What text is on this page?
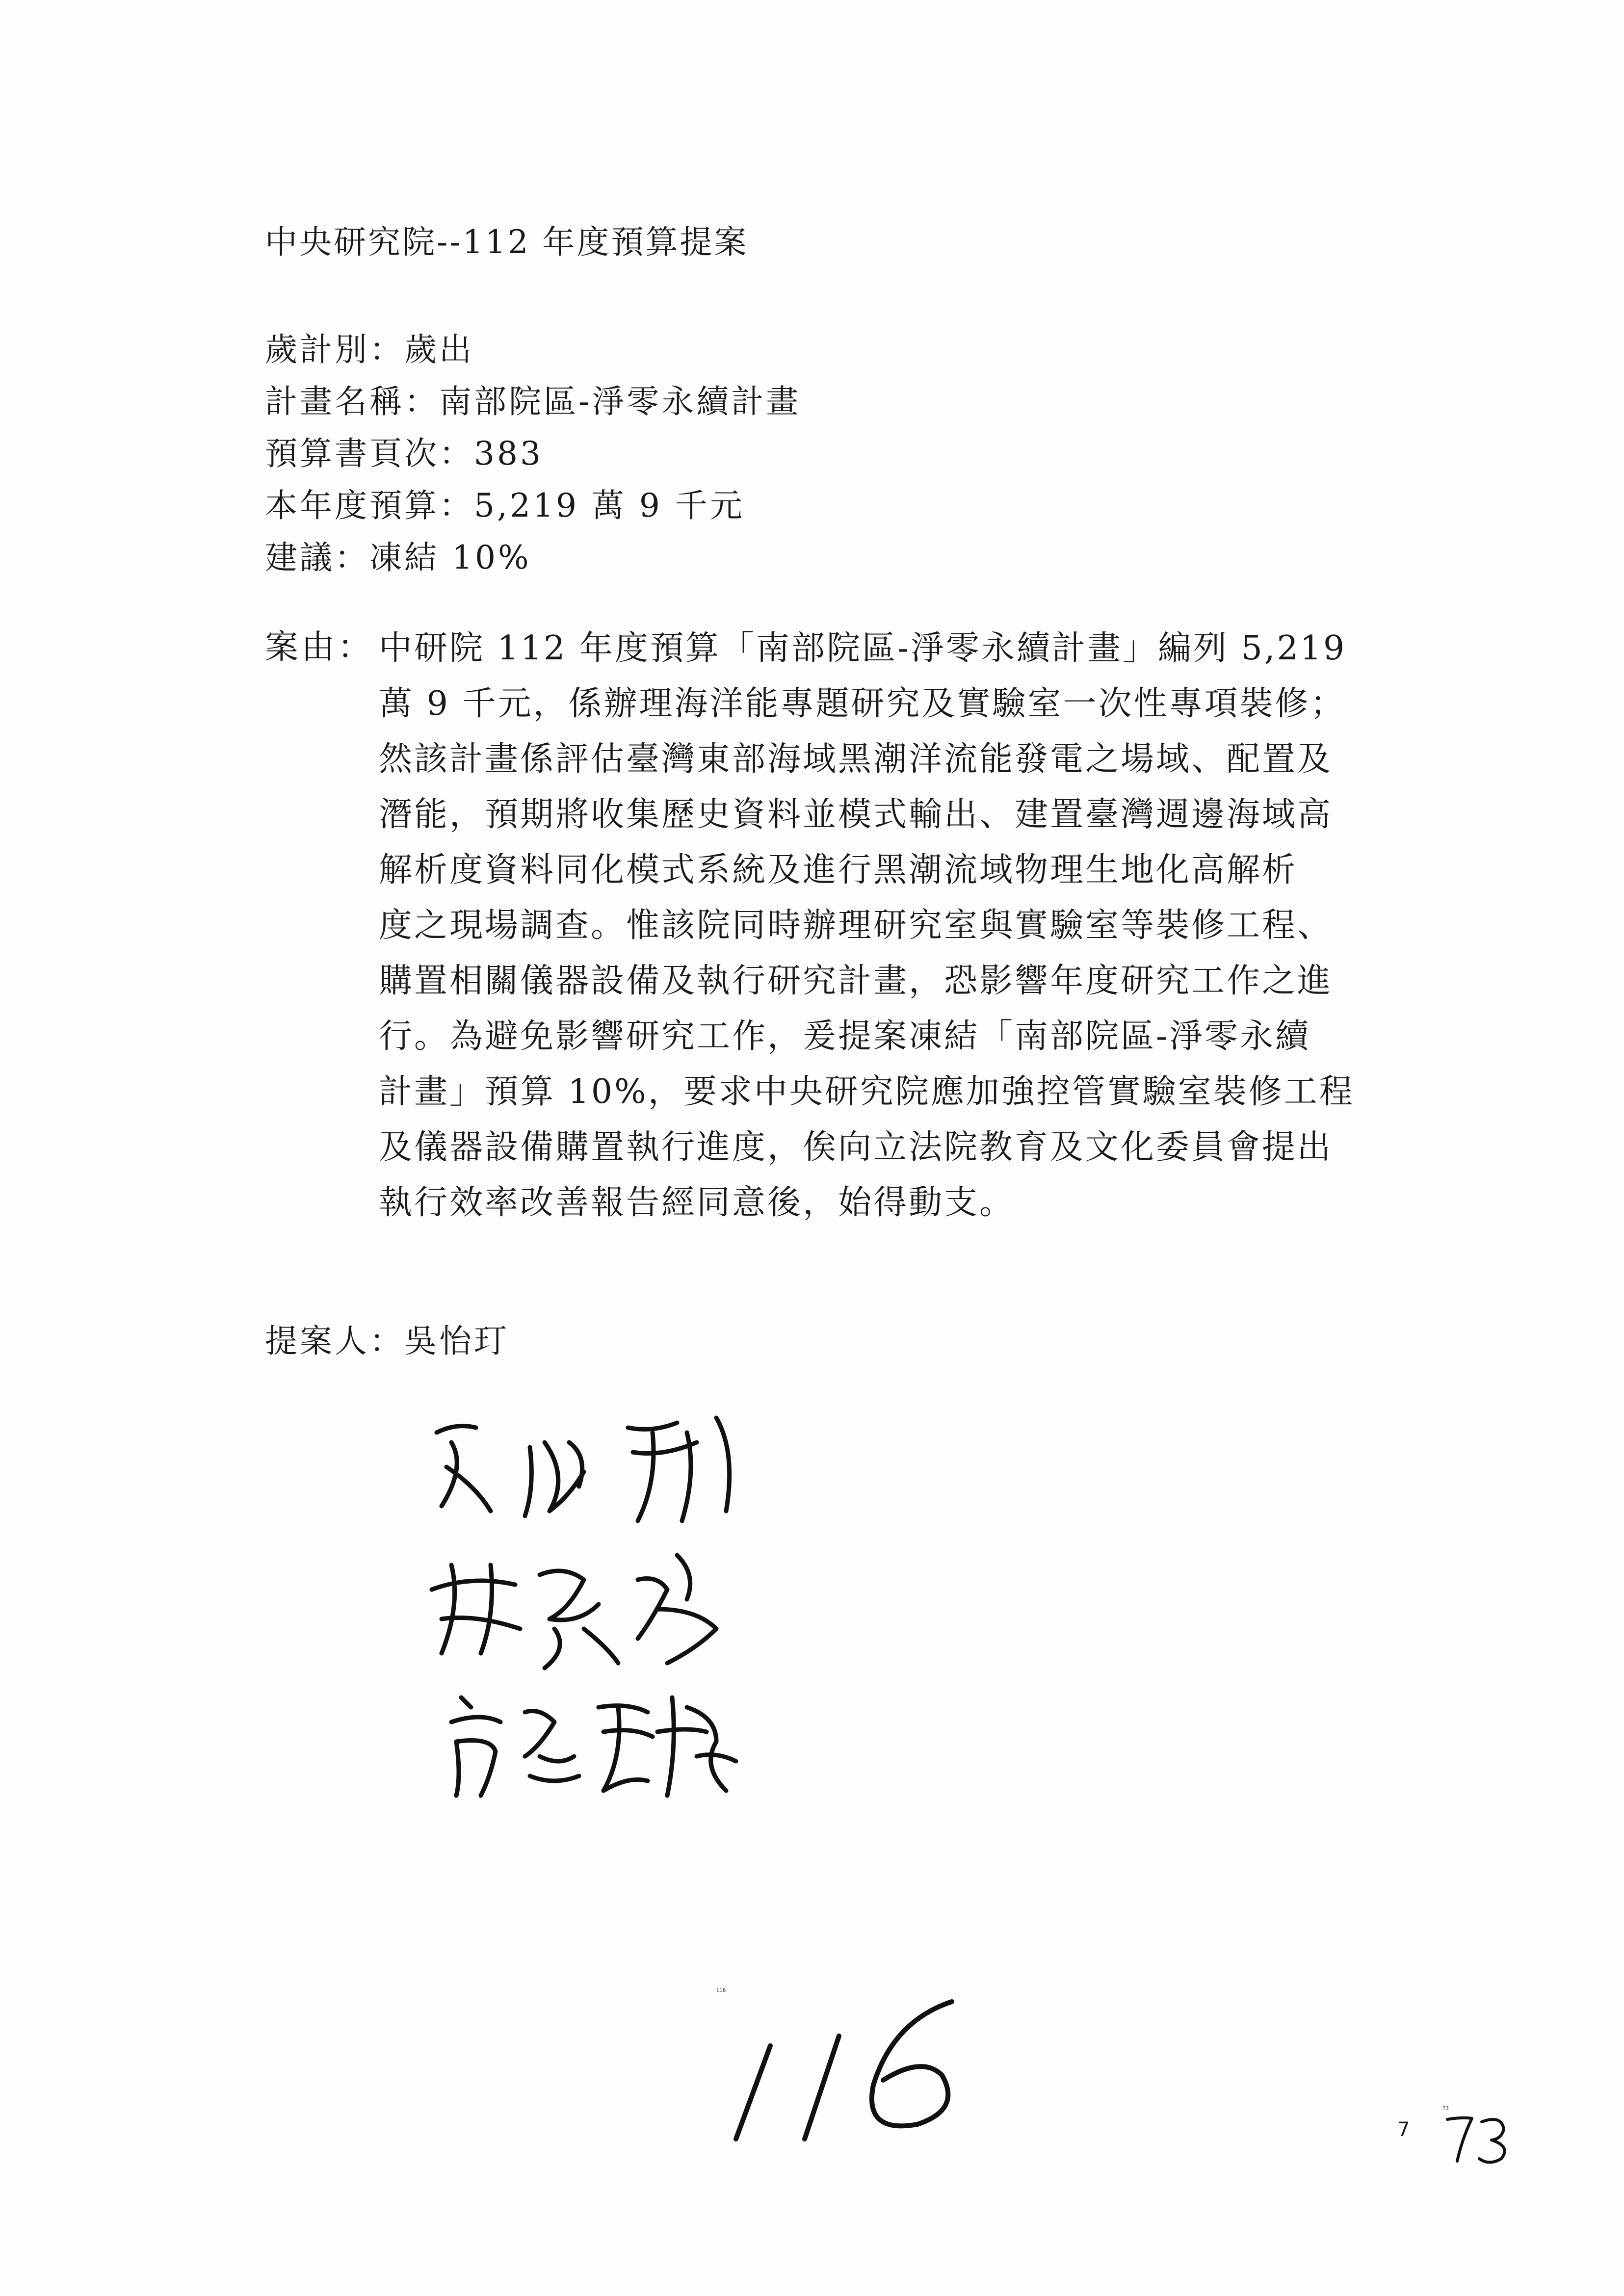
中央研究院--112 年度預算提案
歲計別：歲出
計畫名稱：南部院區-淨零永續計畫
預算書頁次：383
本年度預算：5,219 萬 9 千元
建議：凍結 10%
案由： 中研院 112 年度預算「南部院區-淨零永續計畫」編列 5,219
萬 9 千元，係辦理海洋能專題研究及實驗室一次性專項裝修；
然該計畫係評估臺灣東部海域黑潮洋流能發電之場域、配置及
潛能，預期將收集歷史資料並模式輸出、建置臺灣週邊海域高
解析度資料同化模式系統及進行黑潮流域物理生地化高解析
度之現場調查。惟該院同時辦理研究室與實驗室等裝修工程、
購置相關儀器設備及執行研究計畫，恐影響年度研究工作之進
行。為避免影響研究工作，爰提案凍結「南部院區-淨零永續
計畫」預算 10%，要求中央研究院應加強控管實驗室裝修工程
及儀器設備購置執行進度，俟向立法院教育及文化委員會提出
執行效率改善報告經同意後，始得動支。
提案人：吳怡玎
116
7
73
